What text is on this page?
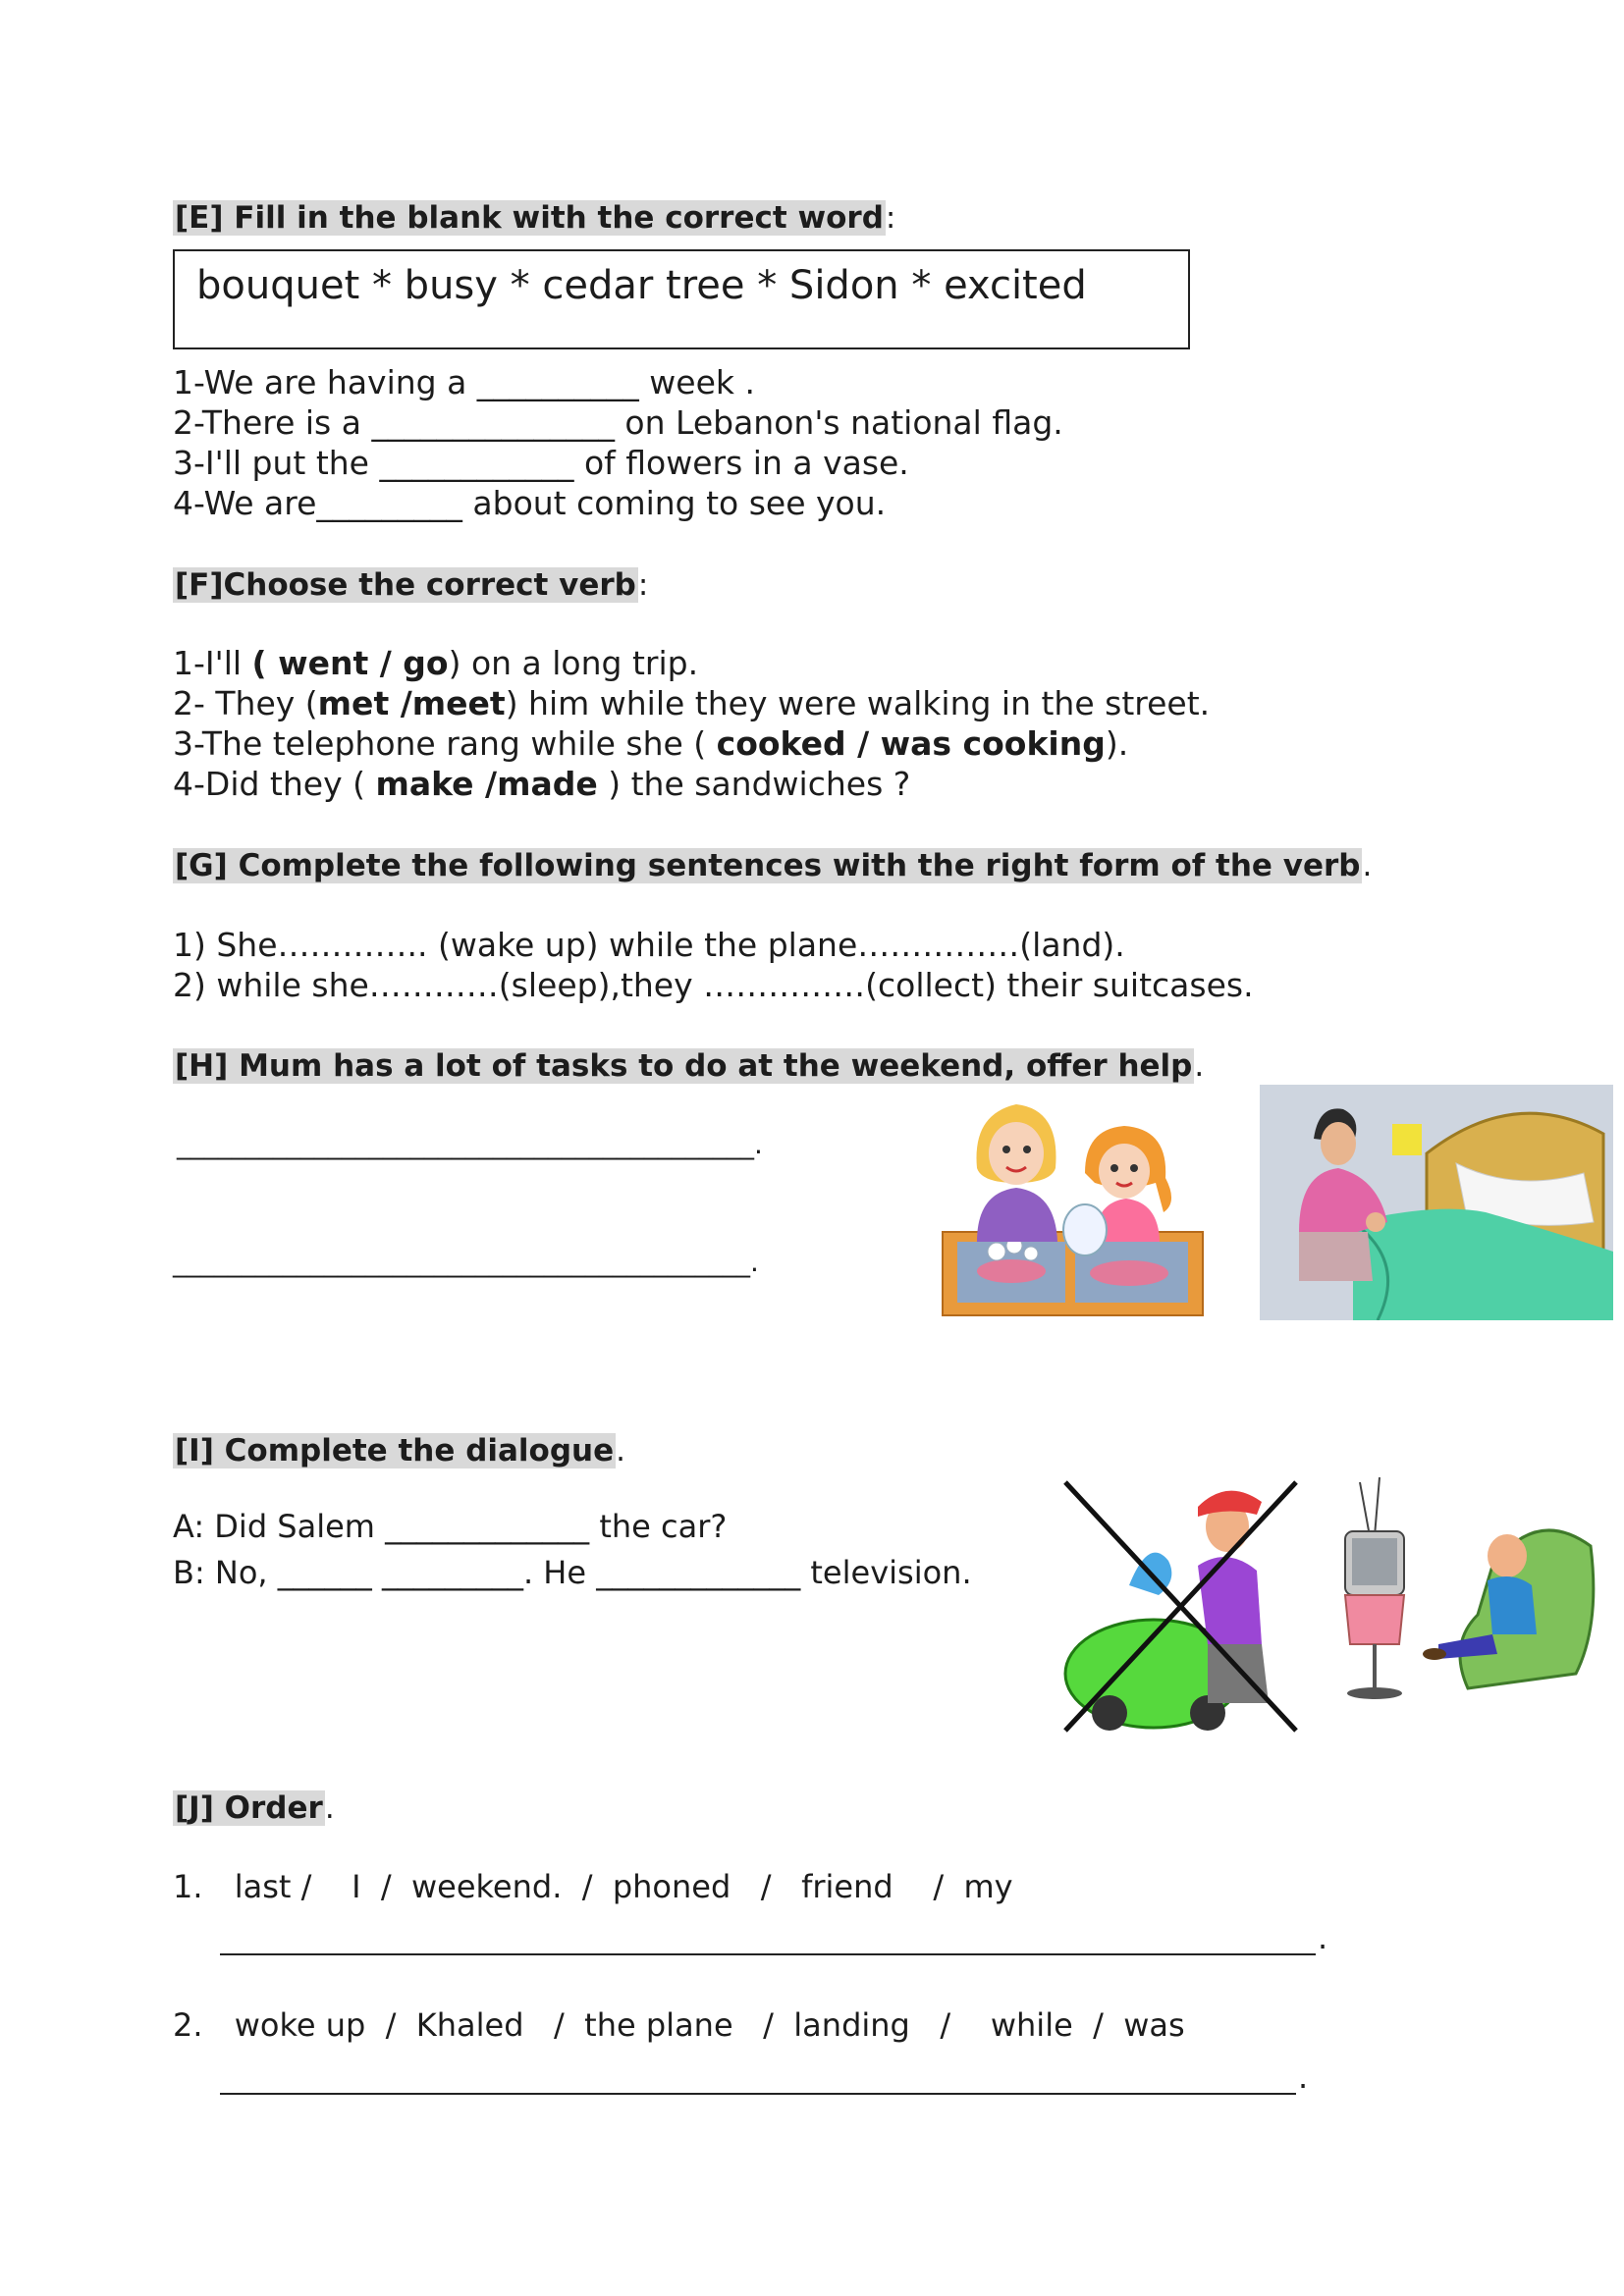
[E] Fill in the blank with the correct word:
bouquet * busy * cedar tree * Sidon * excited
1-We are having a __________ week .
2-There is a _______________ on Lebanon's national flag.
3-I'll put the ____________ of flowers in a vase.
4-We are_________ about coming to see you.
[F]Choose the correct verb:
1-I'll ( went / go) on a long trip.
2- They (met /meet) him while they were walking in the street.
3-The telephone rang while she ( cooked / was cooking).
4-Did they ( make /made ) the sandwiches ?
[G] Complete the following sentences with the right form of the verb.
1) She………….. (wake up) while the plane……………(land).
2) while she…………(sleep),they ……………(collect) their suitcases.
[H] Mum has a lot of tasks to do at the weekend, offer help.
__________________________________________.
__________________________________________.
[I] Complete the dialogue.
A: Did Salem _____________ the car?
B: No, ______ _________. He _____________ television.
[J] Order.
1. last /    I  /  weekend.  /  phoned   /   friend    /  my
.
2. woke up  /  Khaled   /  the plane   /  landing   /    while  /  was
.
